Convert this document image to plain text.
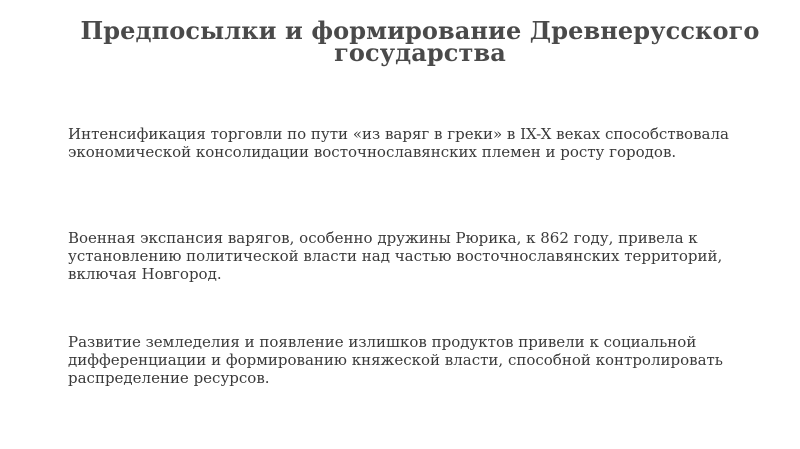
Предпосылки и формирование Древнерусского
государства

Интенсификация торговли по пути «из варяг в греки» в IX-X веках способствовала
экономической консолидации восточнославянских племен и росту городов.

Военная экспансия варягов, особенно дружины Рюрика, к 862 году, привела к
установлению политической власти над частью восточнославянских территорий,
включая Новгород.

Развитие земледелия и появление излишков продуктов привели к социальной
дифференциации и формированию княжеской власти, способной контролировать
распределение ресурсов.
